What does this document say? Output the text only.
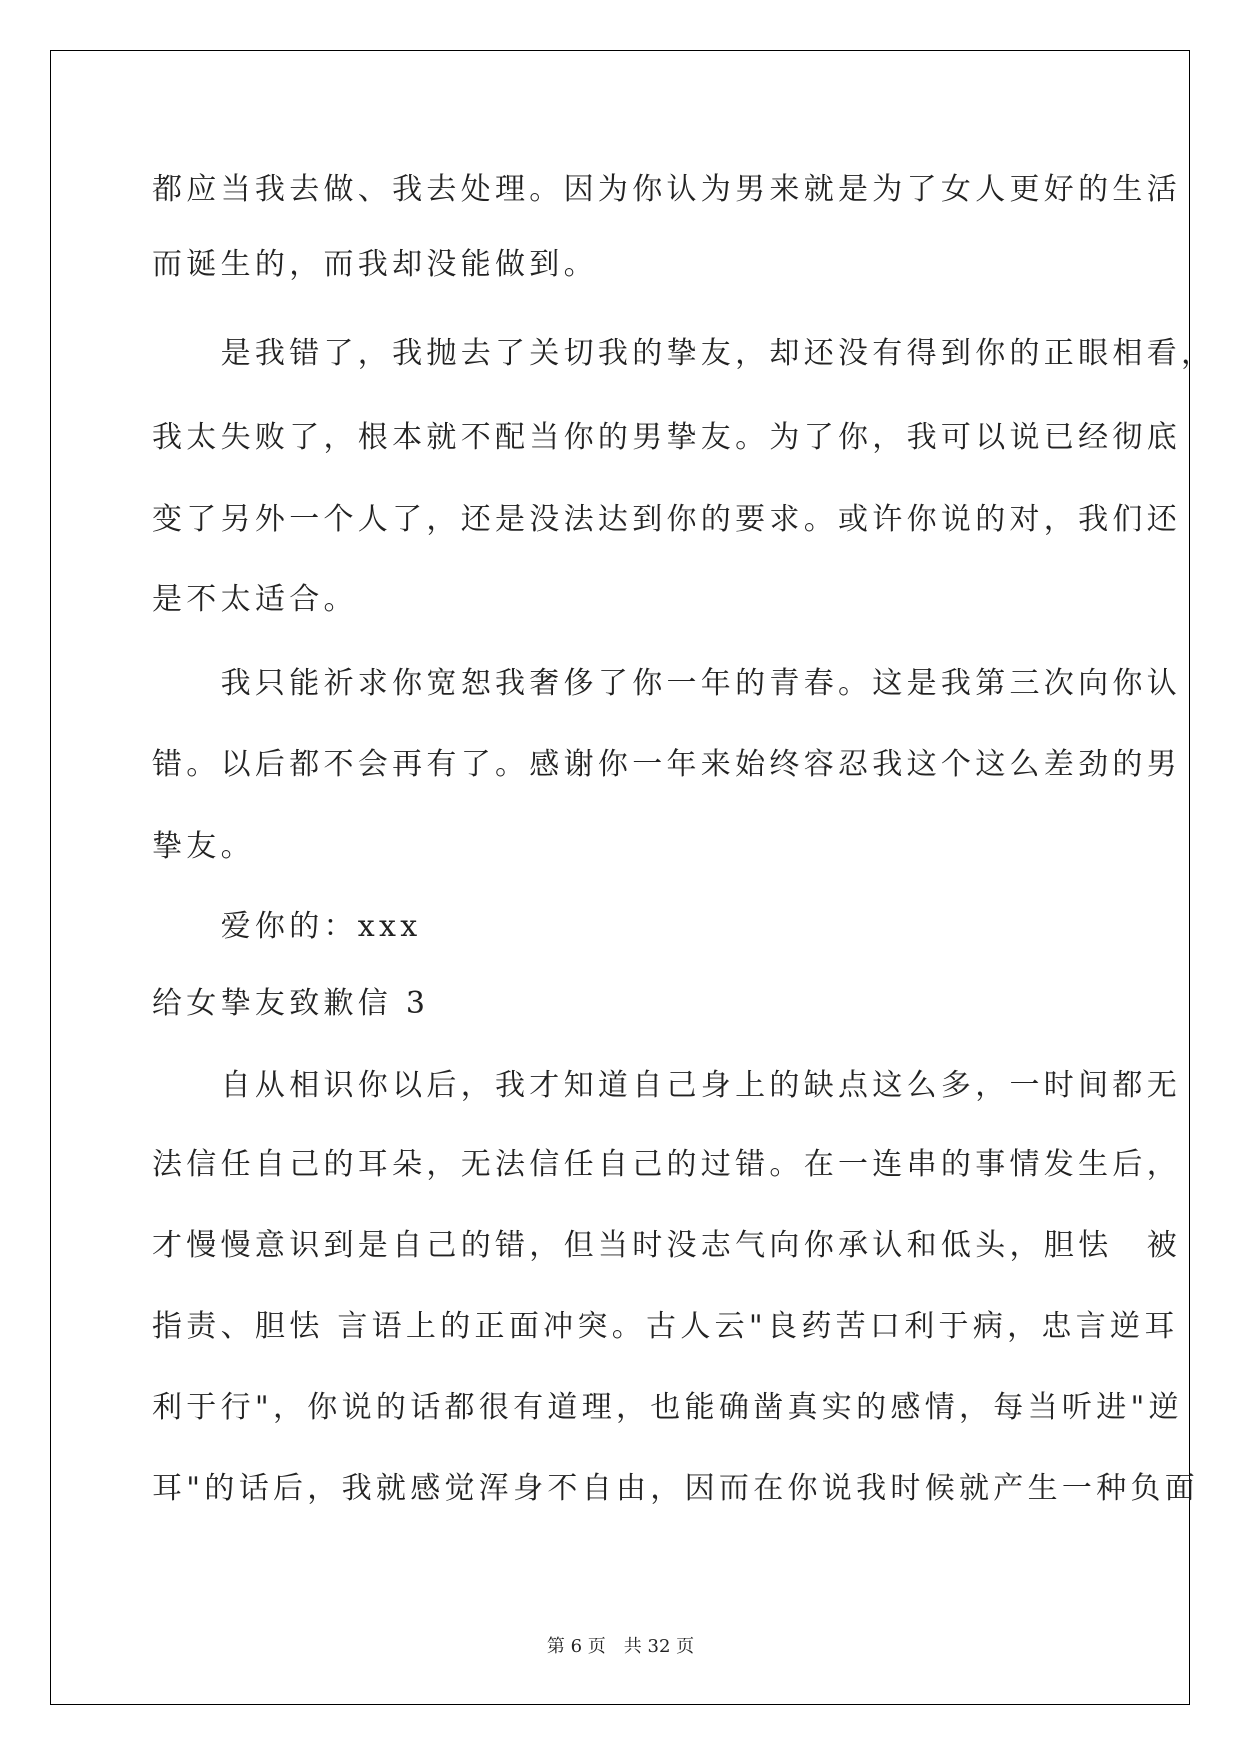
都应当我去做、我去处理。因为你认为男来就是为了女人更好的生活

而诞生的，而我却没能做到。

　　是我错了，我抛去了关切我的挚友，却还没有得到你的正眼相看，

我太失败了，根本就不配当你的男挚友。为了你，我可以说已经彻底

变了另外一个人了，还是没法达到你的要求。或许你说的对，我们还

是不太适合。

　　我只能祈求你宽恕我奢侈了你一年的青春。这是我第三次向你认

错。以后都不会再有了。感谢你一年来始终容忍我这个这么差劲的男

挚友。

　　爱你的：xxx

给女挚友致歉信 3

　　自从相识你以后，我才知道自己身上的缺点这么多，一时间都无

法信任自己的耳朵，无法信任自己的过错。在一连串的事情发生后，

才慢慢意识到是自己的错，但当时没志气向你承认和低头，胆怯　被

指责、胆怯 言语上的正面冲突。古人云"良药苦口利于病，忠言逆耳

利于行"，你说的话都很有道理，也能确凿真实的感情，每当听进"逆

耳"的话后，我就感觉浑身不自由，因而在你说我时候就产生一种负面

第 6 页　共 32 页
